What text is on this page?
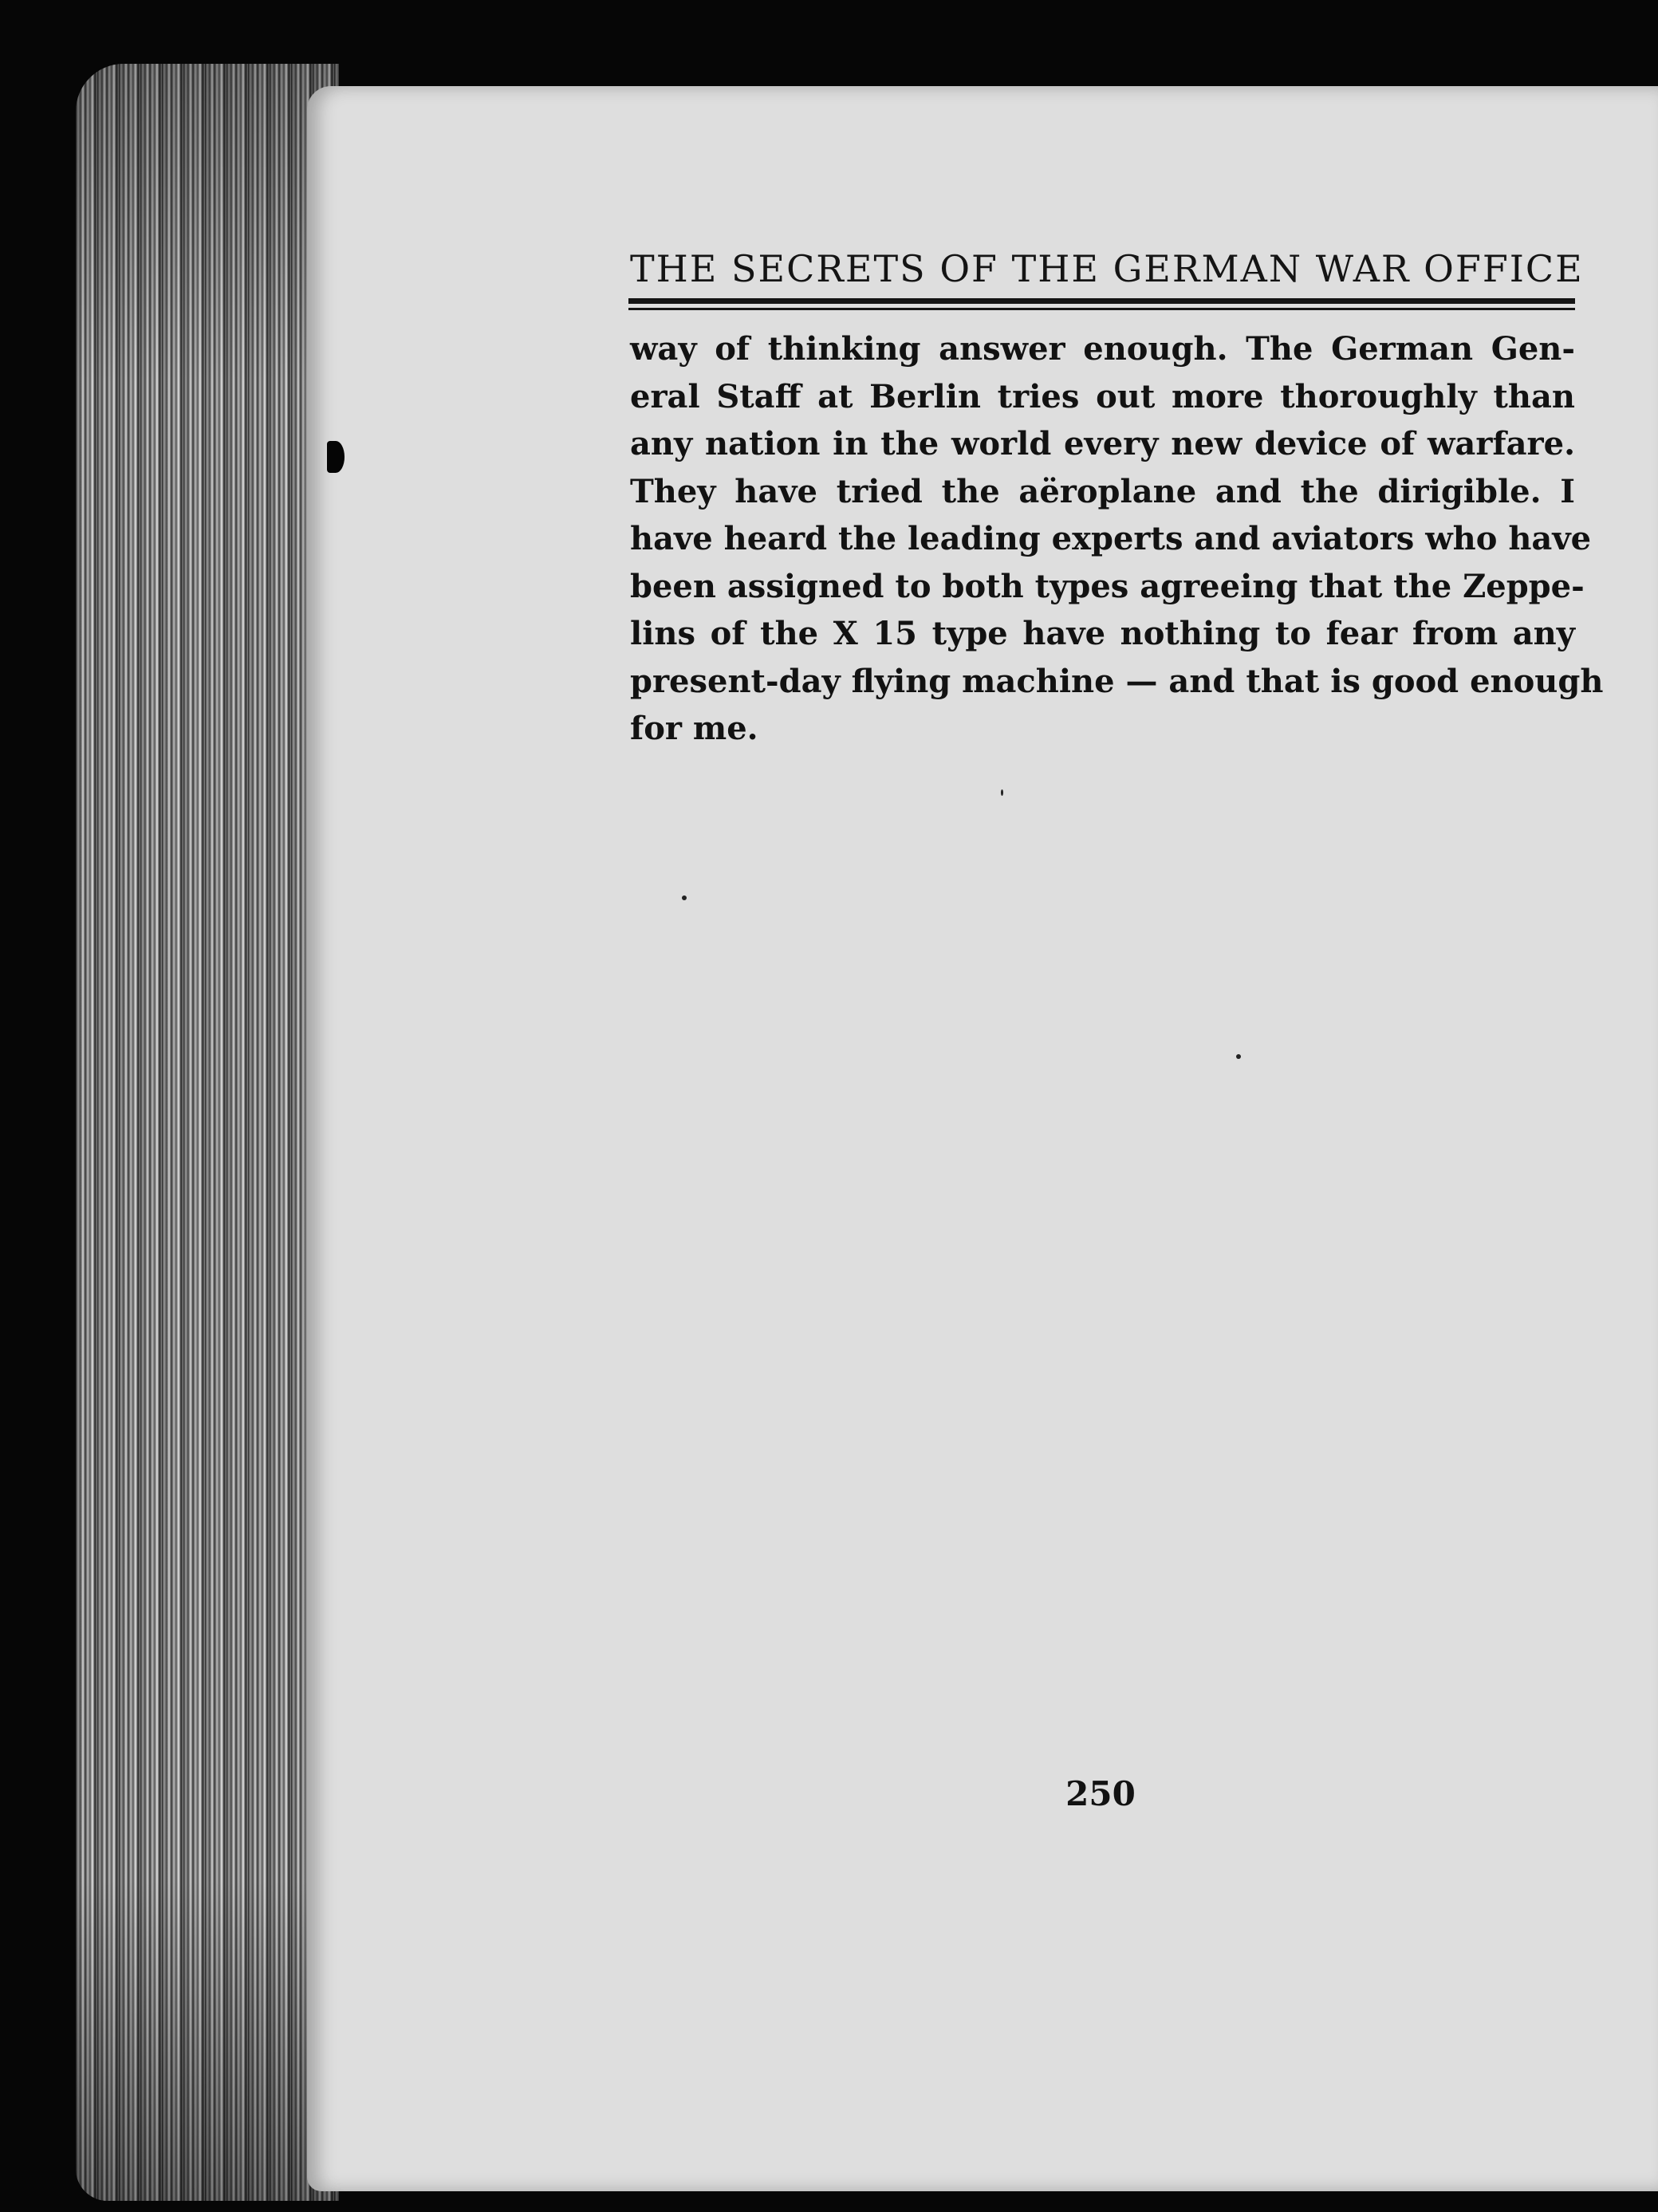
THE SECRETS OF THE GERMAN WAR OFFICE

way of thinking answer enough. The German Gen-
eral Staff at Berlin tries out more thoroughly than
any nation in the world every new device of warfare.
They have tried the aëroplane and the dirigible. I
have heard the leading experts and aviators who have
been assigned to both types agreeing that the Zeppe-
lins of the X 15 type have nothing to fear from any
present-day flying machine — and that is good enough
for me.

250
